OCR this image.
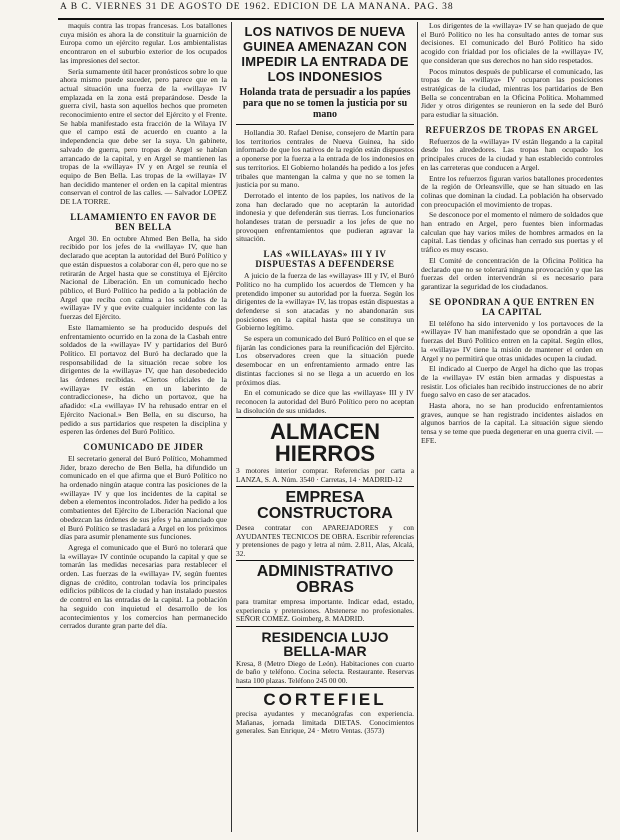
A B C. VIERNES 31 DE AGOSTO DE 1962. EDICION DE LA MAÑANA. PAG. 38

maquis contra las tropas francesas. Los batallones cuya misión es ahora la de constituir la guarnición de Europa como un ejército regular. Los ambientalistas encontraron en el suburbio exterior de los ocupados las impresiones del sector.

Sería sumamente útil hacer pronósticos sobre lo que ahora mismo puede suceder, pero parece que en la actual situación una fuerza de la «willaya» IV emplazada en la zona está preparándose. Desde la guerra civil, hasta son aquellos hechos que prometen reconocimiento entre el sector del Ejército y el Frente. Se había manifestado esta fracción de la Wilaya IV que el campo está de acuerdo en cuanto a la independencia que debe ser la suya. Un gabinete, salvado de guerra, pero tropas de Argel se habían arrancado de la capital, y en Argel se mantienen las tropas de la «willaya» IV y en Argel se reunía el equipo de Ben Bella. Las tropas de la «willaya» IV han decidido mantener el orden en la capital mientras conservan el control de las calles. — Salvador LOPEZ DE LA TORRE.

LLAMAMIENTO EN FAVOR DE BEN BELLA

Argel 30. En octubre Ahmed Ben Bella, ha sido recibido por los jefes de la «willaya» IV, que han declarado que aceptan la autoridad del Buró Político y que están dispuestos a colaborar con él, pero que no se retirarán de Argel hasta que se constituya el Ejército Nacional de Liberación. En un comunicado hecho público, el Buró Político ha pedido a la población de Argel que reciba con calma a los soldados de la «willaya» IV y que evite cualquier incidente con las fuerzas del Ejército.

Este llamamiento se ha producido después del enfrentamiento ocurrido en la zona de la Casbah entre soldados de la «willaya» IV y partidarios del Buró Político. El portavoz del Buró ha declarado que la responsabilidad de la situación recae sobre los dirigentes de la «willaya» IV, que han desobedecido las órdenes recibidas. «Ciertos oficiales de la «willaya» IV están en un laberinto de contradicciones», ha dicho un portavoz, que ha añadido: «La «willaya» IV ha rehusado entrar en el Ejército Nacional.» Ben Bella, en su discurso, ha pedido a sus partidarios que respeten la disciplina y esperen las órdenes del Buró Político.

COMUNICADO DE JIDER

El secretario general del Buró Político, Mohammed Jider, brazo derecho de Ben Bella, ha difundido un comunicado en el que afirma que el Buró Político no ha ordenado ningún ataque contra las posiciones de la «willaya» IV y que los incidentes de la capital se deben a elementos incontrolados. Jider ha pedido a los combatientes del Ejército de Liberación Nacional que obedezcan las órdenes de sus jefes y ha anunciado que el Buró Político se trasladará a Argel en los próximos días para asumir plenamente sus funciones.

Agrega el comunicado que el Buró no tolerará que la «willaya» IV continúe ocupando la capital y que se tomarán las medidas necesarias para restablecer el orden. Las fuerzas de la «willaya» IV, según fuentes dignas de crédito, controlan todavía los principales edificios públicos de la ciudad y han instalado puestos de control en las entradas de la capital. La población ha seguido con inquietud el desarrollo de los acontecimientos y los comercios han permanecido cerrados durante gran parte del día.

LOS NATIVOS DE NUEVA GUINEA AMENAZAN CON IMPEDIR LA ENTRADA DE LOS INDONESIOS
Holanda trata de persuadir a los papúes para que no se tomen la justicia por su mano

Hollandia 30. Rafael Denise, consejero de Martín para los territorios centrales de Nueva Guinea, ha sido informado de que los nativos de la región están dispuestos a oponerse por la fuerza a la entrada de los indonesios en sus territorios. El Gobierno holandés ha pedido a los jefes tribales que mantengan la calma y que no se tomen la justicia por su mano.

Derrotado el intento de los papúes, los nativos de la zona han declarado que no aceptarán la autoridad indonesia y que defenderán sus tierras. Los funcionarios holandeses tratan de persuadir a los jefes de que no provoquen enfrentamientos que pudieran agravar la situación.

LAS «WILLAYAS» III Y IV DISPUESTAS A DEFENDERSE

A juicio de la fuerza de las «willayas» III y IV, el Buró Político no ha cumplido los acuerdos de Tlemcen y ha pretendido imponer su autoridad por la fuerza. Según los dirigentes de la «willaya» IV, las tropas están dispuestas a defenderse si son atacadas y no abandonarán sus posiciones en la capital hasta que se constituya un Gobierno legítimo.

Se espera un comunicado del Buró Político en el que se fijarán las condiciones para la reunificación del Ejército. Los observadores creen que la situación puede desembocar en un enfrentamiento armado entre las distintas facciones si no se llega a un acuerdo en los próximos días.

En el comunicado se dice que las «willayas» III y IV reconocen la autoridad del Buró Político pero no aceptan la disolución de sus unidades.

ALMACEN HIERROS
3 motores interior comprar. Referencias por carta a LANZA, S. A. Núm. 3540 · Carretas, 14 · MADRID-12
EMPRESA CONSTRUCTORA
Desea contratar con APAREJADORES y con AYUDANTES TECNICOS DE OBRA. Escribir referencias y pretensiones de pago y letra al núm. 2.811, Alas, Alcalá, 32.
ADMINISTRATIVO OBRAS
para tramitar empresa importante. Indicar edad, estado, experiencia y pretensiones. Abstenerse no profesionales. SEÑOR COMEZ. Goimberg, 8. MADRID.
RESIDENCIA LUJO BELLA-MAR
Kresa, 8 (Metro Diego de León). Habitaciones con cuarto de baño y teléfono. Cocina selecta. Restaurante. Reservas hasta 100 plazas. Teléfono 245 00 00.
CORTEFIEL
precisa ayudantes y mecanógrafas con experiencia. Mañanas, jornada limitada DIETAS. Conocimientos generales. San Enrique, 24 · Metro Ventas. (3573)

Los dirigentes de la «willaya» IV se han quejado de que el Buró Político no les ha consultado antes de tomar sus decisiones. El comunicado del Buró Político ha sido acogido con frialdad por los oficiales de la «willaya» IV, que consideran que sus derechos no han sido respetados.

Pocos minutos después de publicarse el comunicado, las tropas de la «willaya» IV ocuparon las posiciones estratégicas de la ciudad, mientras los partidarios de Ben Bella se concentraban en la Oficina Política. Mohammed Jider y otros dirigentes se reunieron en la sede del Buró para estudiar la situación.

REFUERZOS DE TROPAS EN ARGEL

Refuerzos de la «willaya» IV están llegando a la capital desde los alrededores. Las tropas han ocupado los principales cruces de la ciudad y han establecido controles en las carreteras que conducen a Argel.

Entre los refuerzos figuran varios batallones procedentes de la región de Orleansville, que se han situado en las colinas que dominan la ciudad. La población ha observado con preocupación el movimiento de tropas.

Se desconoce por el momento el número de soldados que han entrado en Argel, pero fuentes bien informadas calculan que hay varios miles de hombres armados en la capital. Las tiendas y oficinas han cerrado sus puertas y el tráfico es muy escaso.

El Comité de concentración de la Oficina Política ha declarado que no se tolerará ninguna provocación y que las fuerzas del orden intervendrán si es necesario para garantizar la seguridad de los ciudadanos.

SE OPONDRAN A QUE ENTREN EN LA CAPITAL

El teléfono ha sido intervenido y los portavoces de la «willaya» IV han manifestado que se opondrán a que las fuerzas del Buró Político entren en la capital. Según ellos, la «willaya» IV tiene la misión de mantener el orden en Argel y no permitirá que otras unidades ocupen la ciudad.

El indicado al Cuerpo de Argel ha dicho que las tropas de la «willaya» IV están bien armadas y dispuestas a resistir. Los oficiales han recibido instrucciones de no abrir fuego salvo en caso de ser atacados.

Hasta ahora, no se han producido enfrentamientos graves, aunque se han registrado incidentes aislados en algunos barrios de la capital. La situación sigue siendo tensa y se teme que pueda degenerar en una guerra civil. — EFE.
